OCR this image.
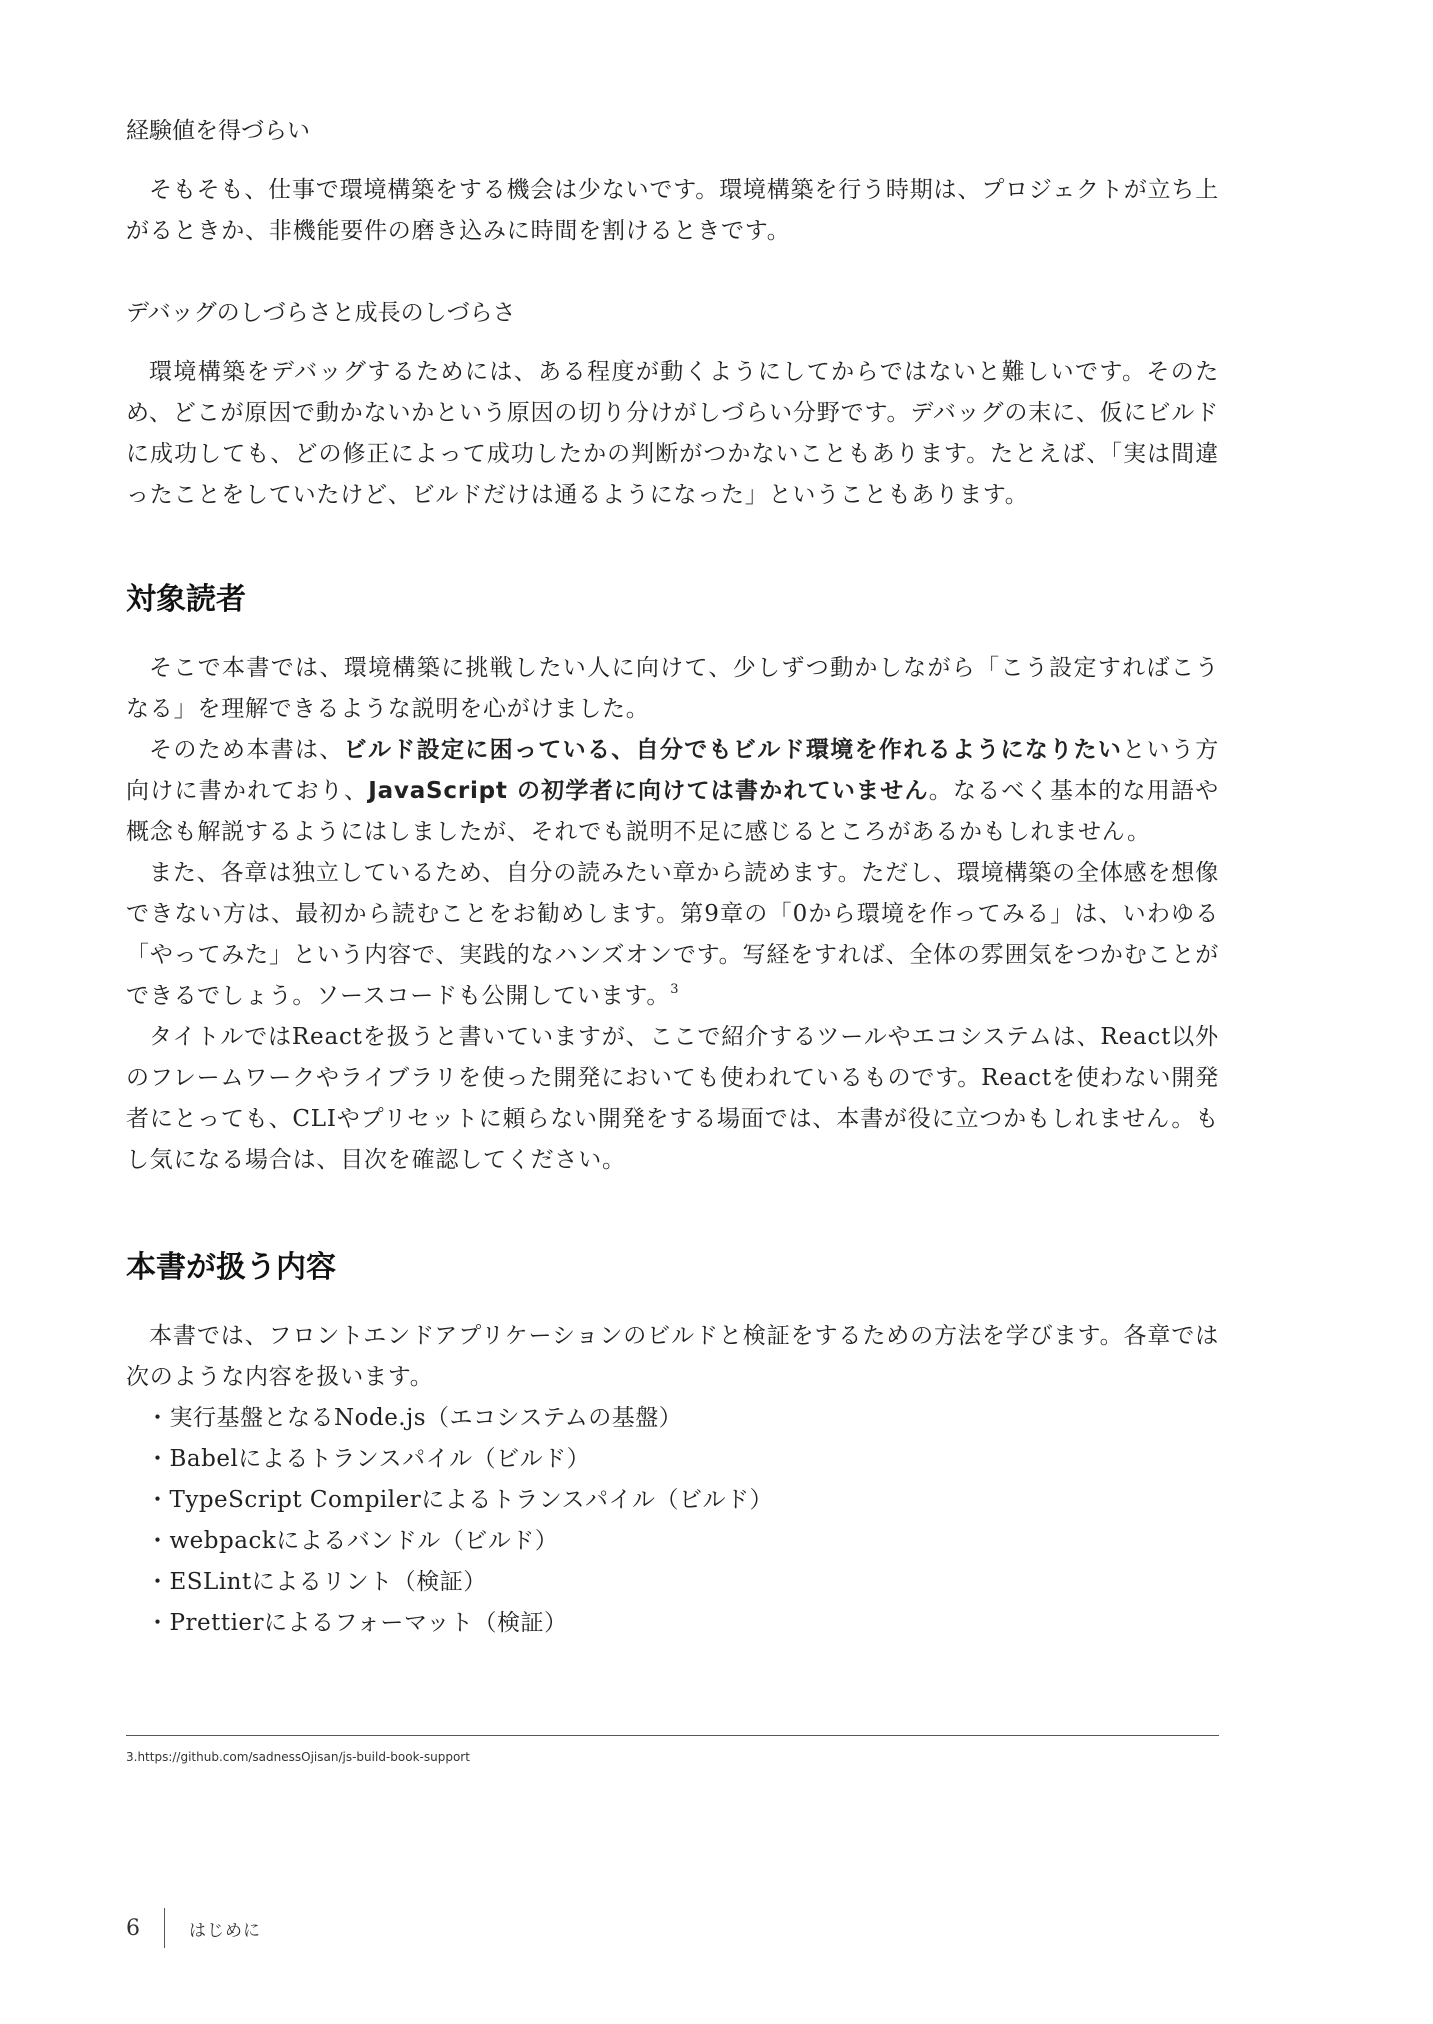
経験値を得づらい

そもそも、仕事で環境構築をする機会は少ないです。環境構築を行う時期は、プロジェクトが立ち上がるときか、非機能要件の磨き込みに時間を割けるときです。

デバッグのしづらさと成長のしづらさ

環境構築をデバッグするためには、ある程度が動くようにしてからではないと難しいです。そのため、どこが原因で動かないかという原因の切り分けがしづらい分野です。デバッグの末に、仮にビルドに成功しても、どの修正によって成功したかの判断がつかないこともあります。たとえば、「実は間違ったことをしていたけど、ビルドだけは通るようになった」ということもあります。

対象読者

そこで本書では、環境構築に挑戦したい人に向けて、少しずつ動かしながら「こう設定すればこうなる」を理解できるような説明を心がけました。

そのため本書は、ビルド設定に困っている、自分でもビルド環境を作れるようになりたいという方向けに書かれており、JavaScript の初学者に向けては書かれていません。なるべく基本的な用語や概念も解説するようにはしましたが、それでも説明不足に感じるところがあるかもしれません。

また、各章は独立しているため、自分の読みたい章から読めます。ただし、環境構築の全体感を想像できない方は、最初から読むことをお勧めします。第9章の「0から環境を作ってみる」は、いわゆる「やってみた」という内容で、実践的なハンズオンです。写経をすれば、全体の雰囲気をつかむことができるでしょう。ソースコードも公開しています。$^3$

タイトルではReactを扱うと書いていますが、ここで紹介するツールやエコシステムは、React以外のフレームワークやライブラリを使った開発においても使われているものです。Reactを使わない開発者にとっても、CLIやプリセットに頼らない開発をする場面では、本書が役に立つかもしれません。もし気になる場合は、目次を確認してください。

本書が扱う内容

本書では、フロントエンドアプリケーションのビルドと検証をするための方法を学びます。各章では次のような内容を扱います。

・実行基盤となるNode.js（エコシステムの基盤）
・Babelによるトランスパイル（ビルド）
・TypeScript Compilerによるトランスパイル（ビルド）
・webpackによるバンドル（ビルド）
・ESLintによるリント（検証）
・Prettierによるフォーマット（検証）
3.https://github.com/sadnessOjisan/js-build-book-support
6	はじめに
